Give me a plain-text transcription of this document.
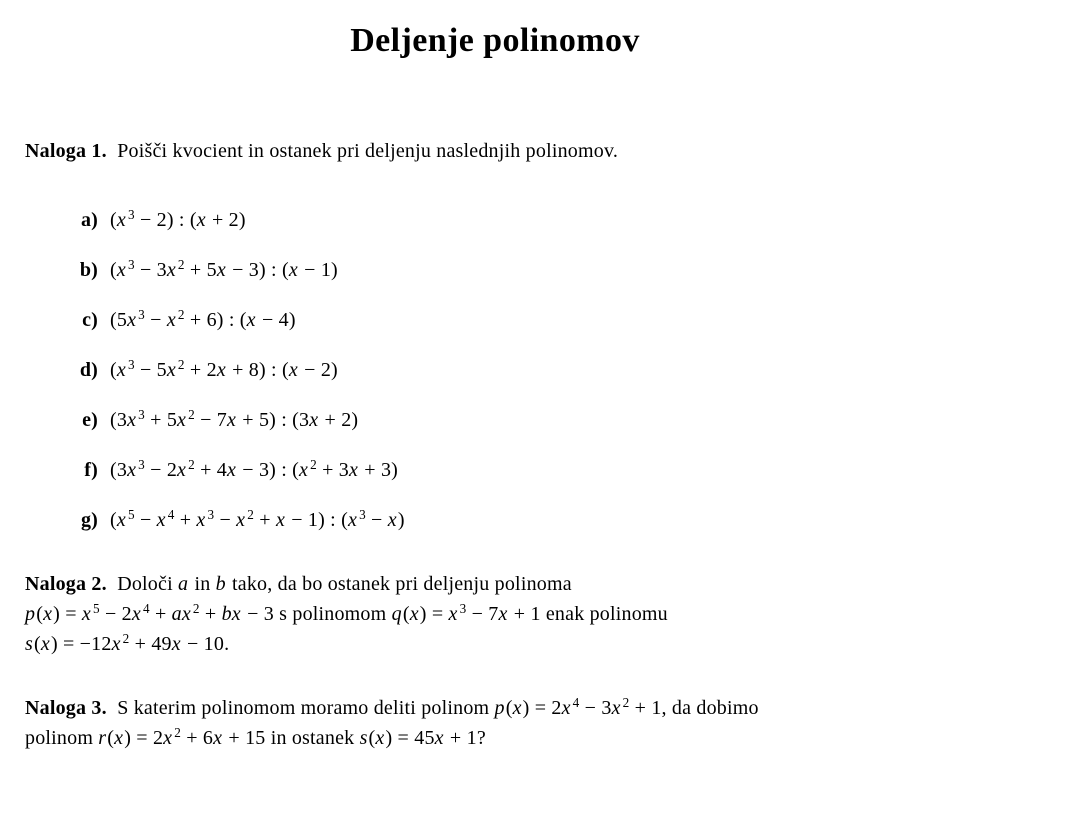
Deljenje polinomov

Naloga 1.  Poišči kvocient in ostanek pri deljenju naslednjih polinomov.

a) (x $^3$ − 2) : (x + 2)
b) (x $^3$ − 3x $^2$ + 5x − 3) : (x − 1)
c) (5x $^3$ − x $^2$ + 6) : (x − 4)
d) (x $^3$ − 5x $^2$ + 2x + 8) : (x − 2)
e) (3x $^3$ + 5x $^2$ − 7x + 5) : (3x + 2)
f) (3x $^3$ − 2x $^2$ + 4x − 3) : (x $^2$ + 3x + 3)
g) (x $^5$ − x $^4$ + x $^3$ − x $^2$ + x − 1) : (x $^3$ − x)

Naloga 2.  Določi a in b tako, da bo ostanek pri deljenju polinoma
p(x) = x $^5$ − 2x $^4$ + ax $^2$ + bx − 3 s polinomom q(x) = x $^3$ − 7x + 1 enak polinomu
s(x) = −12x $^2$ + 49x − 10.

Naloga 3.  S katerim polinomom moramo deliti polinom p(x) = 2x $^4$ − 3x $^2$ + 1, da dobimo
polinom r(x) = 2x $^2$ + 6x + 15 in ostanek s(x) = 45x + 1?
